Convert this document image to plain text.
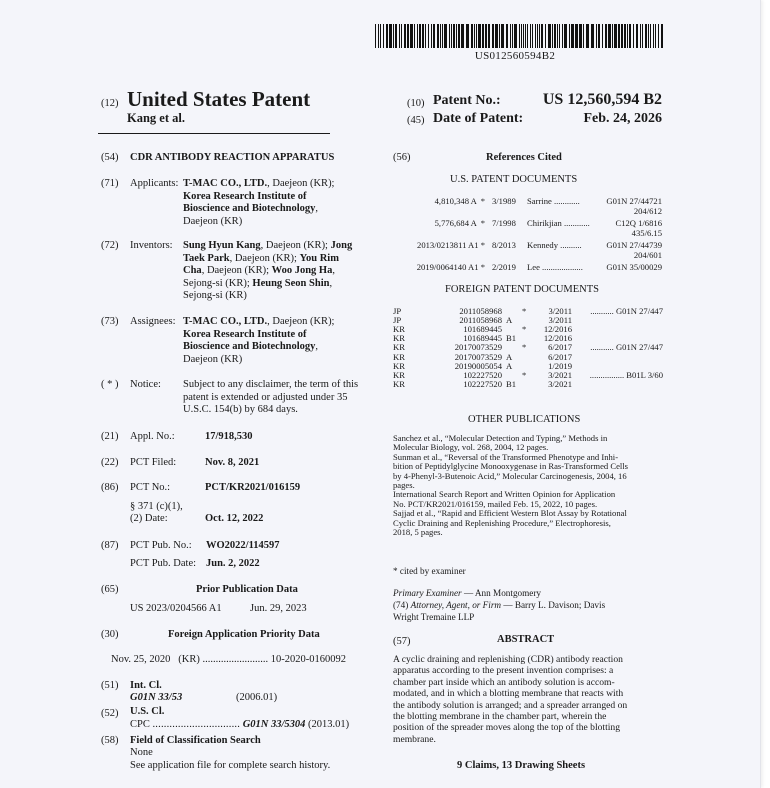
US012560594B2
(12) United States Patent
Kang et al.
(10) Patent No.:	US 12,560,594 B2
(45) Date of Patent:	Feb. 24, 2026
(54) CDR ANTIBODY REACTION APPARATUS
(71) Applicants: T-MAC CO., LTD., Daejeon (KR);
Korea Research Institute of
Bioscience and Biotechnology,
Daejeon (KR)
(72) Inventors: Sung Hyun Kang, Daejeon (KR); Jong
Taek Park, Daejeon (KR); You Rim
Cha, Daejeon (KR); Woo Jong Ha,
Sejong-si (KR); Heung Seon Shin,
Sejong-si (KR)
(73) Assignees: T-MAC CO., LTD., Daejeon (KR);
Korea Research Institute of
Bioscience and Biotechnology,
Daejeon (KR)
( * ) Notice: Subject to any disclaimer, the term of this
patent is extended or adjusted under 35
U.S.C. 154(b) by 684 days.
(21) Appl. No.:	17/918,530
(22) PCT Filed:	Nov. 8, 2021
(86) PCT No.:	PCT/KR2021/016159
§ 371 (c)(1),
(2) Date:	Oct. 12, 2022
(87) PCT Pub. No.: WO2022/114597
PCT Pub. Date: Jun. 2, 2022
(65)	Prior Publication Data
US 2023/0204566 A1	Jun. 29, 2023
(30)	Foreign Application Priority Data
Nov. 25, 2020   (KR) ......................... 10-2020-0160092
(51) Int. Cl.
G01N 33/53	(2006.01)
(52) U.S. Cl.
CPC ............................... G01N 33/5304 (2013.01)
(58) Field of Classification Search
None
See application file for complete search history.
(56)	References Cited
U.S. PATENT DOCUMENTS
4,810,348 A  * 3/1989 Sarrine ............	G01N 27/44721
204/612
5,776,684 A  * 7/1998 Chirikjian ............	C12Q 1/6816
435/6.15
2013/0213811 A1 * 8/2013 Kennedy ..........	G01N 27/44739
204/601
2019/0064140 A1 * 2/2019 Lee ...................	G01N 35/00029
FOREIGN PATENT DOCUMENTS
JP	2011058968 *	3/2011	........... G01N 27/447
JP	2011058968 A	3/2011
KR	101689445 *	12/2016
KR	101689445 B1	12/2016
KR	20170073529 *	6/2017	........... G01N 27/447
KR	20170073529 A	6/2017
KR	20190005054 A	1/2019
KR	102227520 *	3/2021	................ B01L 3/60
KR	102227520 B1	3/2021
OTHER PUBLICATIONS
Sanchez et al., “Molecular Detection and Typing,” Methods in
Molecular Biology, vol. 268, 2004, 12 pages.
Sunman et al., “Reversal of the Transformed Phenotype and Inhi-
bition of Peptidylglycine Monooxygenase in Ras-Transformed Cells
by 4-Phenyl-3-Butenoic Acid,” Molecular Carcinogenesis, 2004, 16
pages.
International Search Report and Written Opinion for Application
No. PCT/KR2021/016159, mailed Feb. 15, 2022, 10 pages.
Sajjad et al., “Rapid and Efficient Western Blot Assay by Rotational
Cyclic Draining and Replenishing Procedure,” Electrophoresis,
2018, 5 pages.
* cited by examiner
Primary Examiner — Ann Montgomery
(74) Attorney, Agent, or Firm — Barry L. Davison; Davis
Wright Tremaine LLP
(57)	ABSTRACT
A cyclic draining and replenishing (CDR) antibody reaction
apparatus according to the present invention comprises: a
chamber part inside which an antibody solution is accom-
modated, and in which a blotting membrane that reacts with
the antibody solution is arranged; and a spreader arranged on
the blotting membrane in the chamber part, wherein the
position of the spreader moves along the top of the blotting
membrane.
9 Claims, 13 Drawing Sheets
